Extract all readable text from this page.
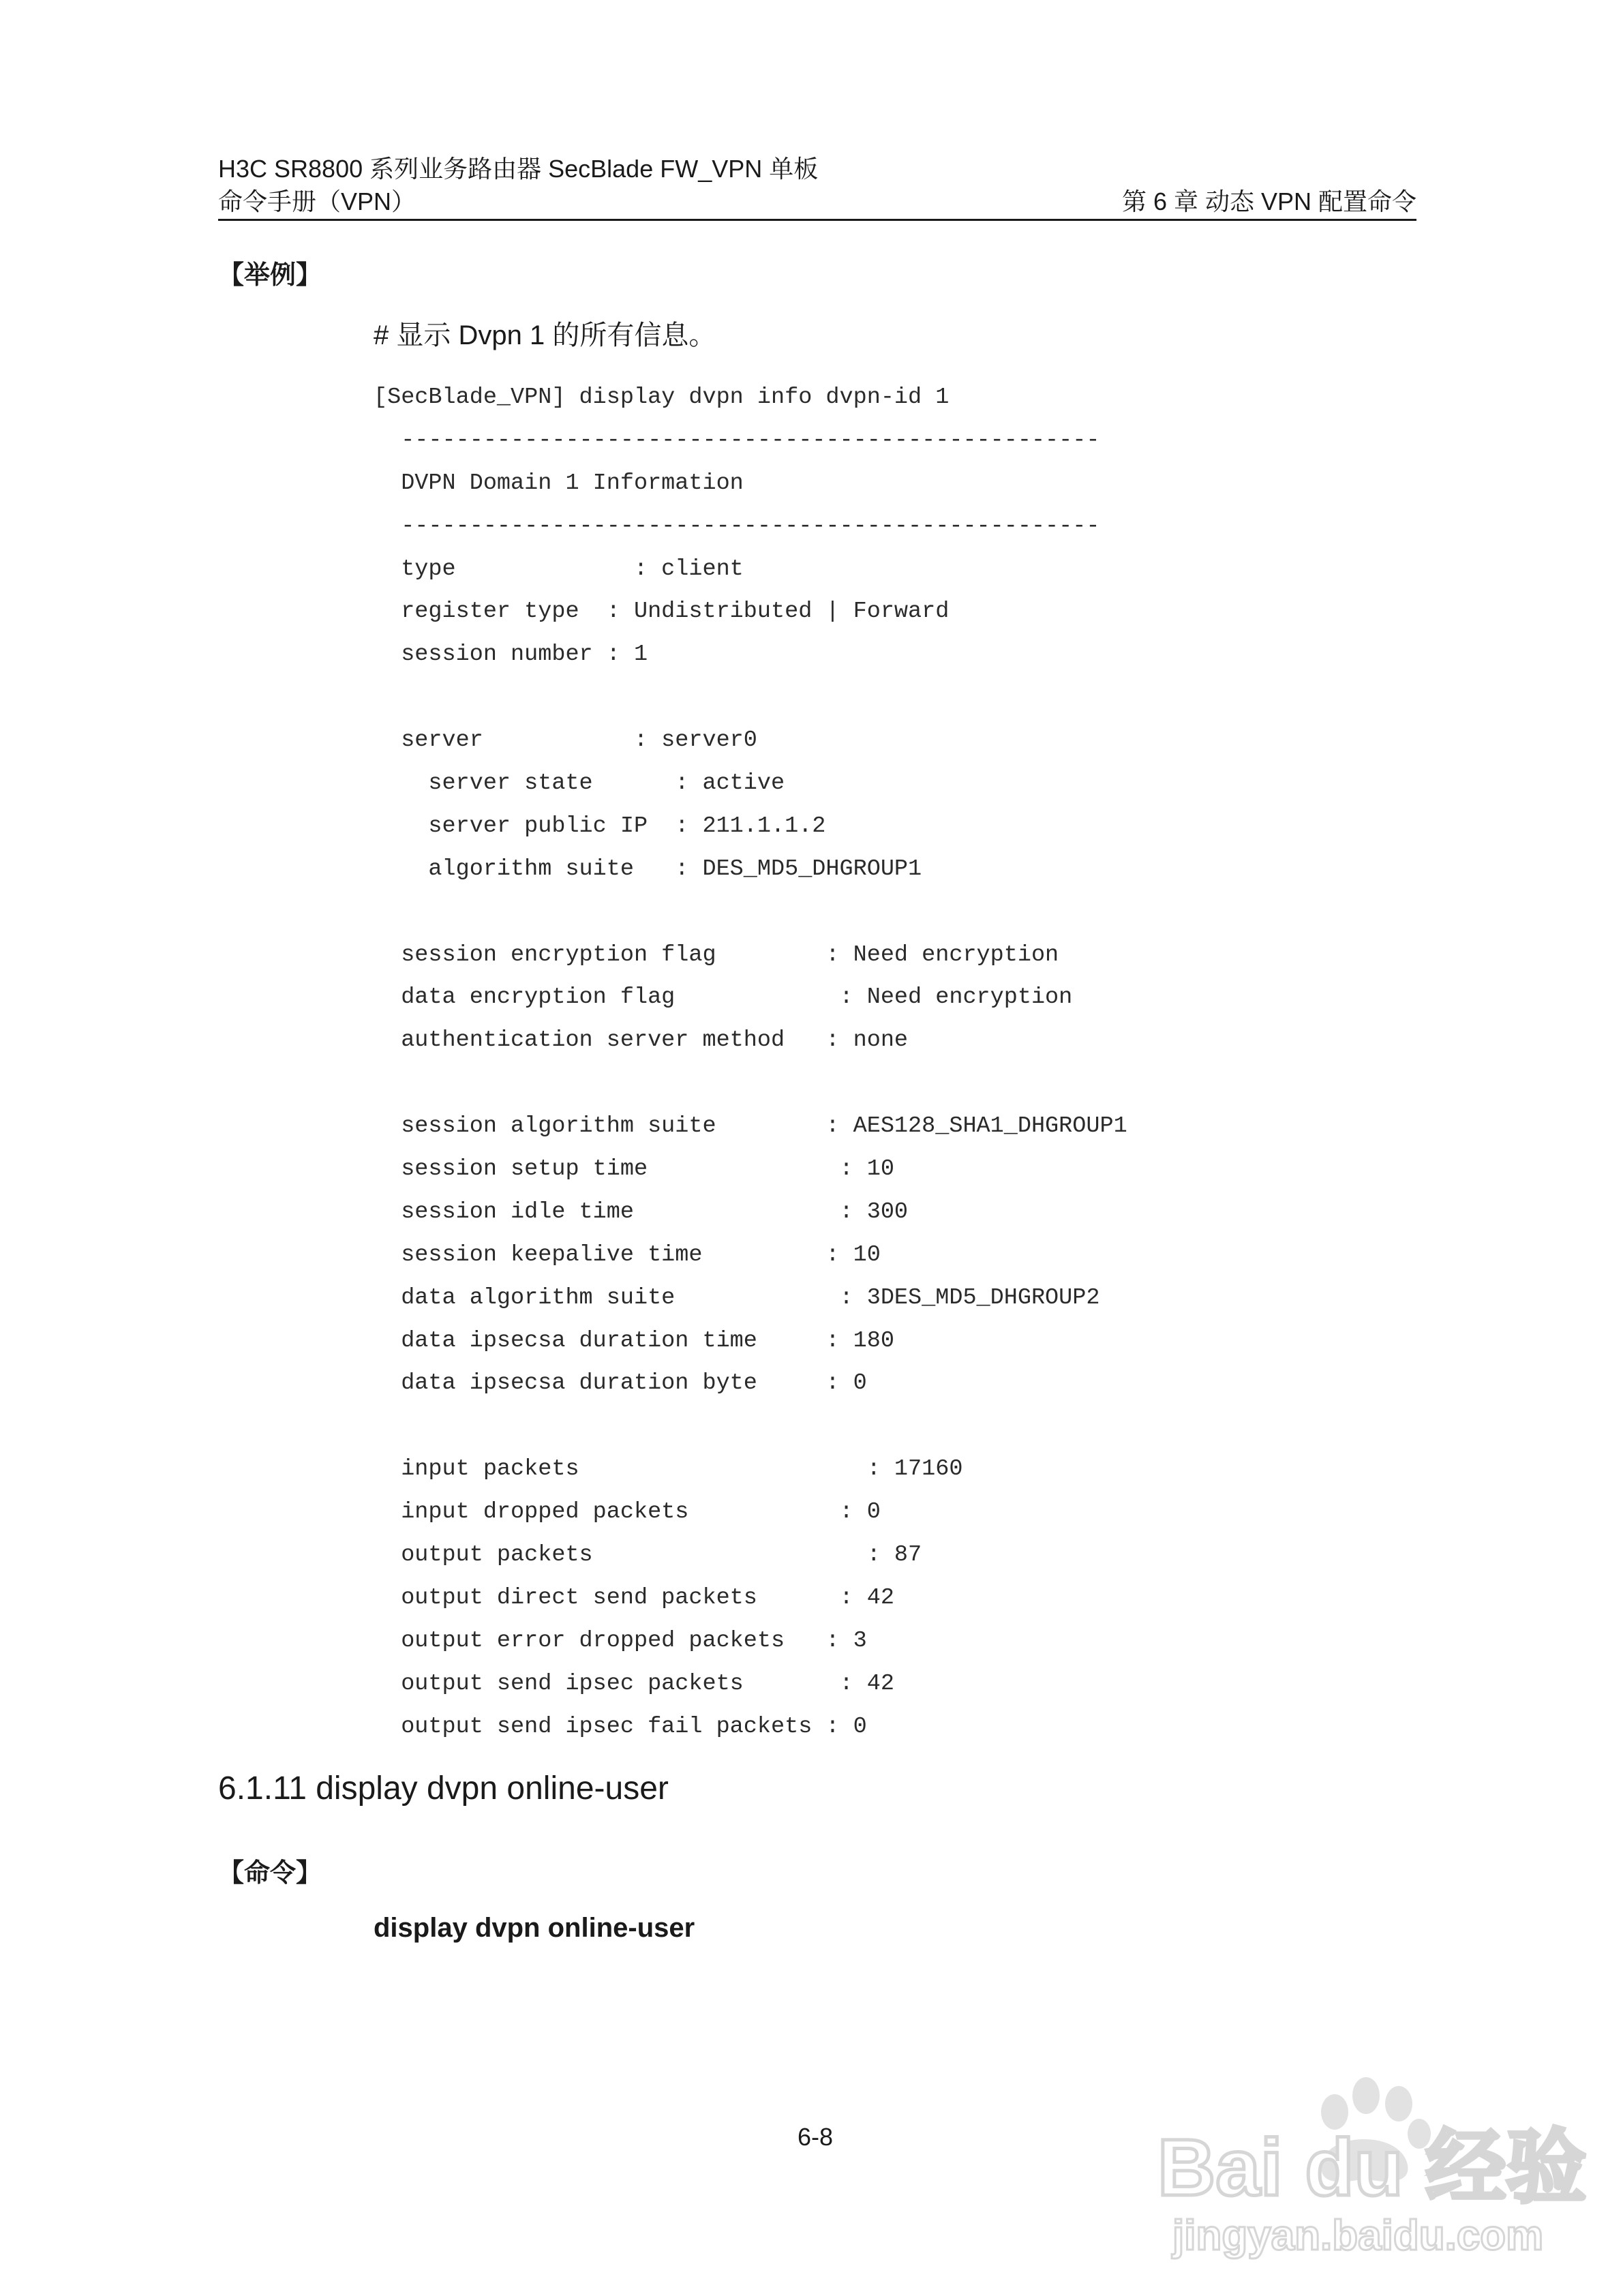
H3C SR8800 系列业务路由器 SecBlade FW_VPN 单板
命令手册（VPN）	第 6 章 动态 VPN 配置命令
【举例】
# 显示 Dvpn 1 的所有信息。
[SecBlade_VPN] display dvpn info dvpn-id 1
---------------------------------------------------
DVPN Domain 1 Information
---------------------------------------------------
type             : client
register type  : Undistributed | Forward
session number : 1
server           : server0
server state      : active
server public IP  : 211.1.1.2
algorithm suite   : DES_MD5_DHGROUP1
session encryption flag        : Need encryption
data encryption flag            : Need encryption
authentication server method   : none
session algorithm suite        : AES128_SHA1_DHGROUP1
session setup time              : 10
session idle time               : 300
session keepalive time         : 10
data algorithm suite            : 3DES_MD5_DHGROUP2
data ipsecsa duration time     : 180
data ipsecsa duration byte     : 0
input packets                     : 17160
input dropped packets           : 0
output packets                    : 87
output direct send packets      : 42
output error dropped packets   : 3
output send ipsec packets       : 42
output send ipsec fail packets : 0
6.1.11 display dvpn online-user
【命令】
display dvpn online-user
6-8	Bai du 经验
jingyan.baidu.com
